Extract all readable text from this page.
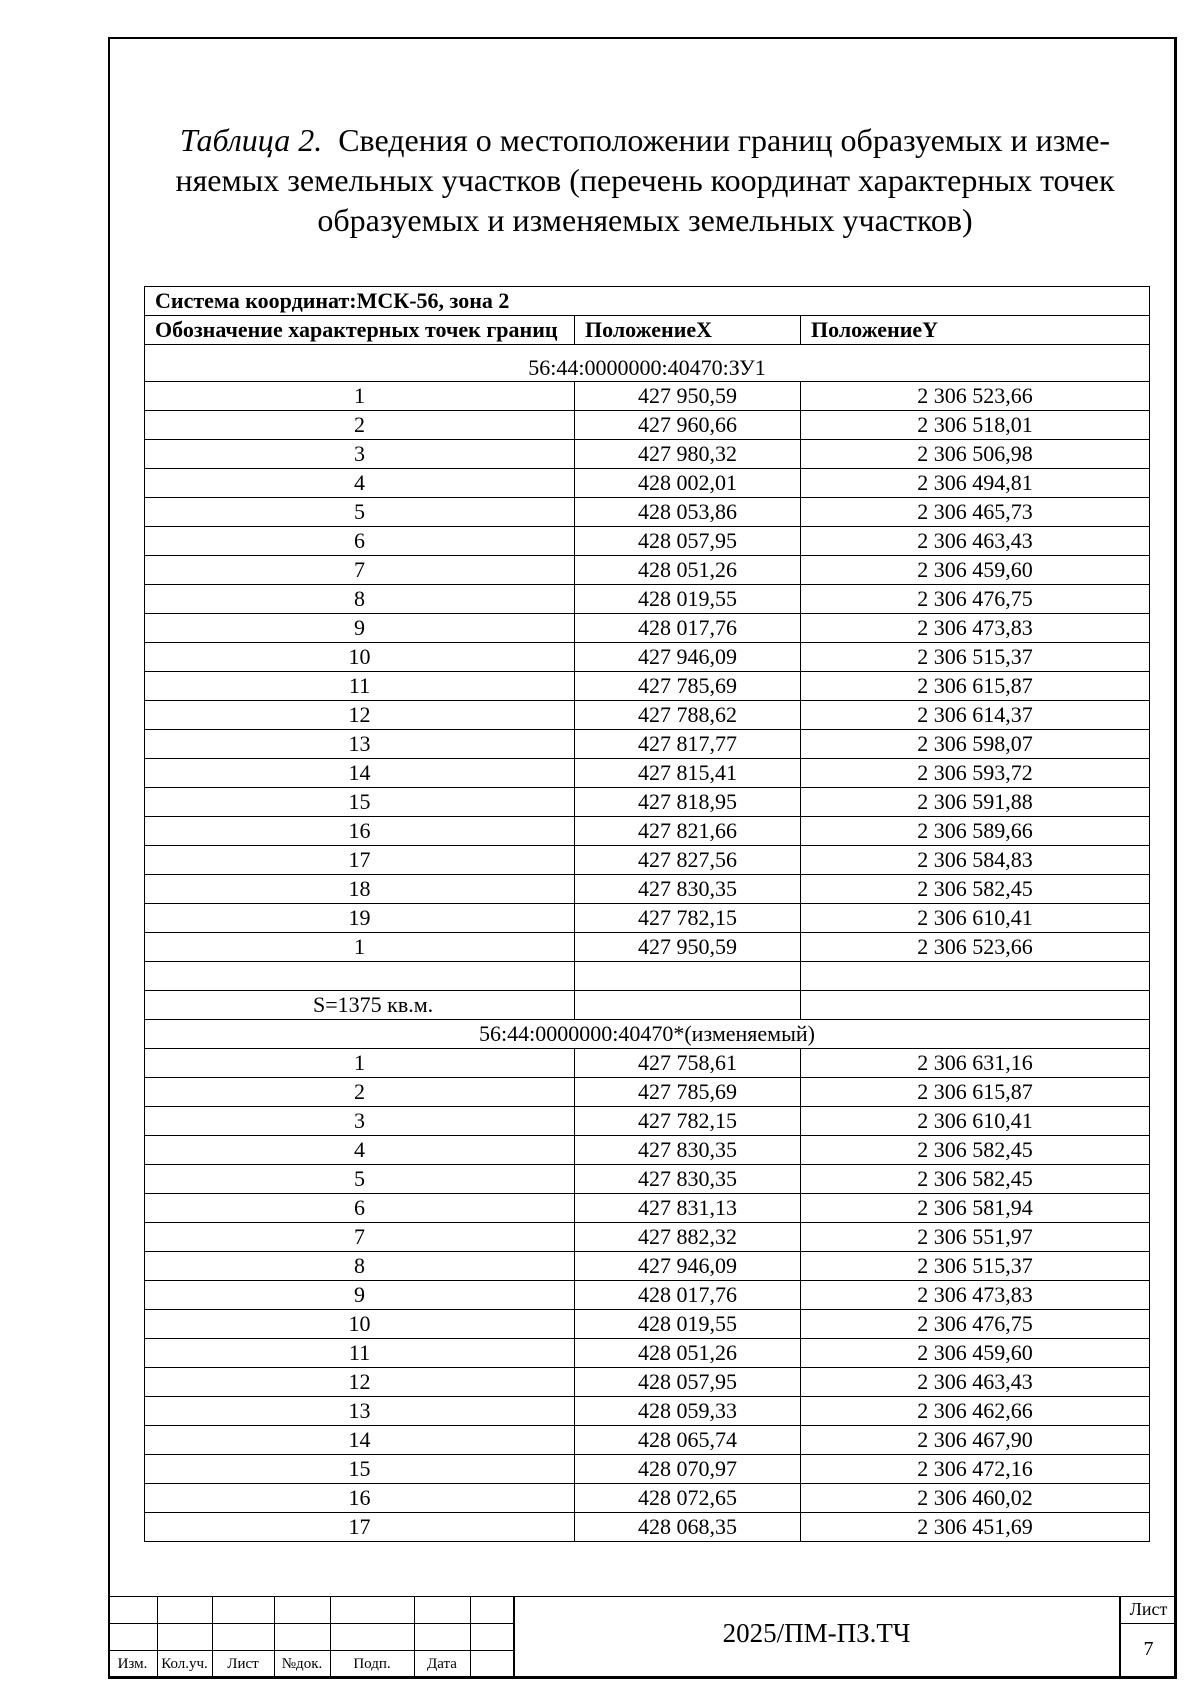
Таблица 2. Сведения о местоположении границ образуемых и изме-
няемых земельных участков (перечень координат характерных точек
образуемых и изменяемых земельных участков)
Система координат:МСК-56, зона 2		
Обозначение характерных точек границ	ПоложениеX	ПоложениеY
56:44:0000000:40470:ЗУ1		
1	427 950,59	2 306 523,66
2	427 960,66	2 306 518,01
3	427 980,32	2 306 506,98
4	428 002,01	2 306 494,81
5	428 053,86	2 306 465,73
6	428 057,95	2 306 463,43
7	428 051,26	2 306 459,60
8	428 019,55	2 306 476,75
9	428 017,76	2 306 473,83
10	427 946,09	2 306 515,37
11	427 785,69	2 306 615,87
12	427 788,62	2 306 614,37
13	427 817,77	2 306 598,07
14	427 815,41	2 306 593,72
15	427 818,95	2 306 591,88
16	427 821,66	2 306 589,66
17	427 827,56	2 306 584,83
18	427 830,35	2 306 582,45
19	427 782,15	2 306 610,41
1	427 950,59	2 306 523,66

S=1375 кв.м.		
56:44:0000000:40470*(изменяемый)		
1	427 758,61	2 306 631,16
2	427 785,69	2 306 615,87
3	427 782,15	2 306 610,41
4	427 830,35	2 306 582,45
5	427 830,35	2 306 582,45
6	427 831,13	2 306 581,94
7	427 882,32	2 306 551,97
8	427 946,09	2 306 515,37
9	428 017,76	2 306 473,83
10	428 019,55	2 306 476,75
11	428 051,26	2 306 459,60
12	428 057,95	2 306 463,43
13	428 059,33	2 306 462,66
14	428 065,74	2 306 467,90
15	428 070,97	2 306 472,16
16	428 072,65	2 306 460,02
17	428 068,35	2 306 451,69
Изм. Кол.уч.	Лист	№док.	Подп.	Дата
2025/ПМ-ПЗ.ТЧ
Лист
7
